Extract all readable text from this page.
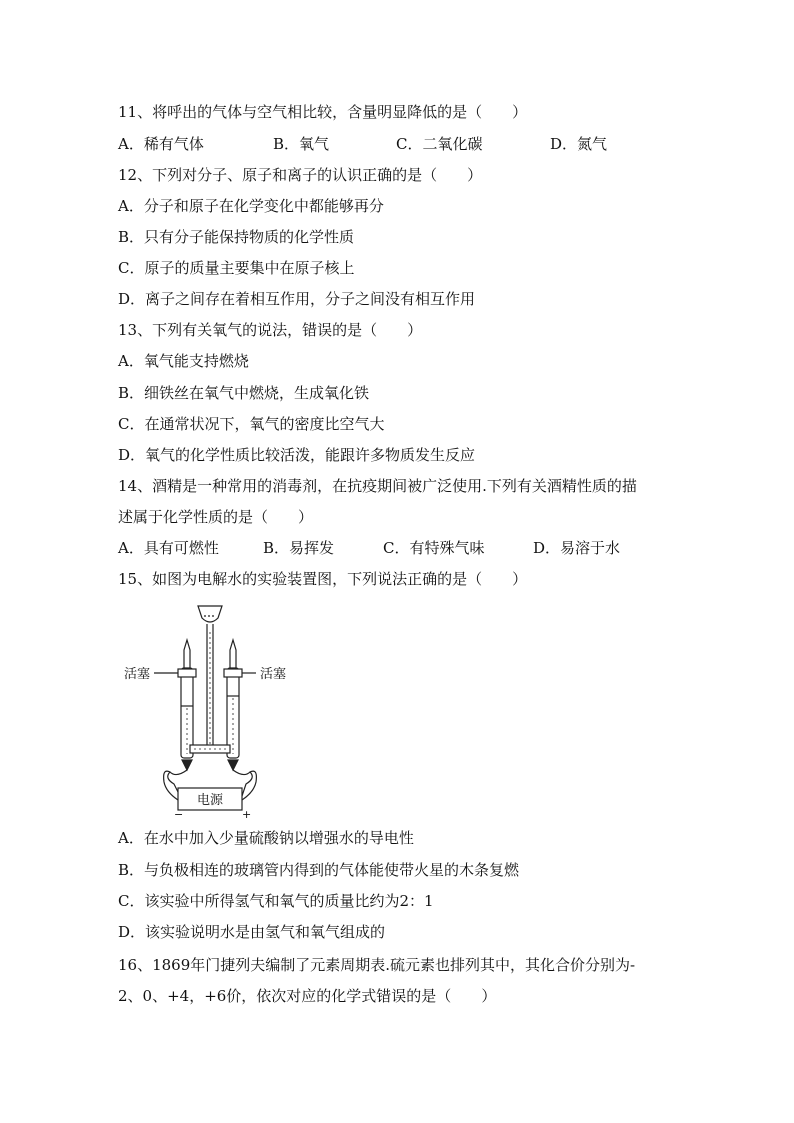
11、将呼出的气体与空气相比较，含量明显降低的是（　　）
A．稀有气体	B．氧气	C．二氧化碳	D．氮气
12、下列对分子、原子和离子的认识正确的是（　　）
A．分子和原子在化学变化中都能够再分
B．只有分子能保持物质的化学性质
C．原子的质量主要集中在原子核上
D．离子之间存在着相互作用，分子之间没有相互作用
13、下列有关氧气的说法，错误的是（　　）
A．氧气能支持燃烧
B．细铁丝在氧气中燃烧，生成氧化铁
C．在通常状况下，氧气的密度比空气大
D．氧气的化学性质比较活泼，能跟许多物质发生反应
14、酒精是一种常用的消毒剂，在抗疫期间被广泛使用.下列有关酒精性质的描
述属于化学性质的是（　　）
A．具有可燃性	B．易挥发	C．有特殊气味	D．易溶于水
15、如图为电解水的实验装置图，下列说法正确的是（　　）
活塞	活塞
电源
−	+
A．在水中加入少量硫酸钠以增强水的导电性
B．与负极相连的玻璃管内得到的气体能使带火星的木条复燃
C．该实验中所得氢气和氧气的质量比约为2：1
D．该实验说明水是由氢气和氧气组成的
16、1869年门捷列夫编制了元素周期表.硫元素也排列其中，其化合价分别为-
2、0、+4，+6价，依次对应的化学式错误的是（　　）
